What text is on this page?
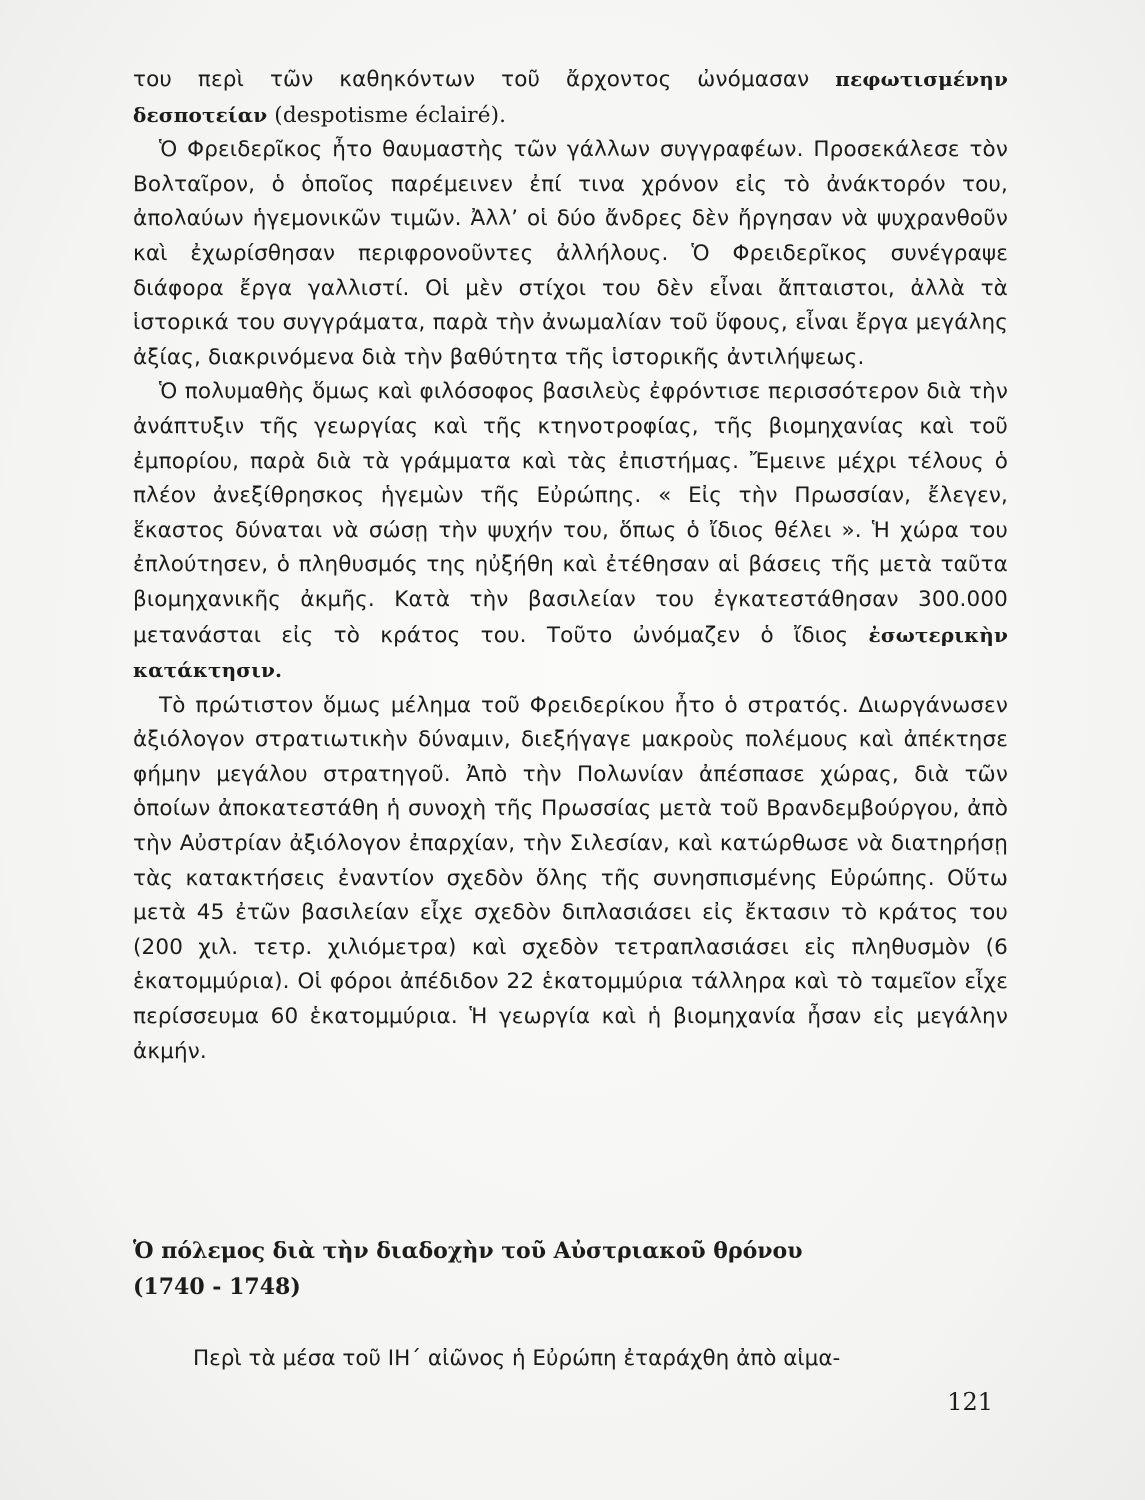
του περὶ τῶν καθηκόντων τοῦ ἄρχοντος ὠνόμασαν πεφωτισμένην δεσποτείαν (despotisme éclairé).

Ὁ Φρειδερῖκος ἦτο θαυμαστὴς τῶν γάλλων συγγραφέων. Προσεκάλεσε τὸν Βολταῖρον, ὁ ὁποῖος παρέμεινεν ἐπί τινα χρόνον εἰς τὸ ἀνάκτορόν του, ἀπολαύων ἡγεμονικῶν τιμῶν. Ἀλλ’ οἱ δύο ἄνδρες δὲν ἤργησαν νὰ ψυχρανθοῦν καὶ ἐχωρίσθησαν περιφρονοῦντες ἀλλήλους. Ὁ Φρειδερῖκος συνέγραψε διάφορα ἔργα γαλλιστί. Οἱ μὲν στίχοι του δὲν εἶναι ἄπταιστοι, ἀλλὰ τὰ ἱστορικά του συγγράματα, παρὰ τὴν ἀνωμαλίαν τοῦ ὕφους, εἶναι ἔργα μεγάλης ἀξίας, διακρινόμενα διὰ τὴν βαθύτητα τῆς ἱστορικῆς ἀντιλήψεως.

Ὁ πολυμαθὴς ὅμως καὶ φιλόσοφος βασιλεὺς ἐφρόντισε περισσότερον διὰ τὴν ἀνάπτυξιν τῆς γεωργίας καὶ τῆς κτηνοτροφίας, τῆς βιομηχανίας καὶ τοῦ ἐμπορίου, παρὰ διὰ τὰ γράμματα καὶ τὰς ἐπιστήμας. Ἔμεινε μέχρι τέλους ὁ πλέον ἀνεξίθρησκος ἡγεμὼν τῆς Εὐρώπης. « Εἰς τὴν Πρωσσίαν, ἔλεγεν, ἕκαστος δύναται νὰ σώσῃ τὴν ψυχήν του, ὅπως ὁ ἴδιος θέλει ». Ἡ χώρα του ἐπλούτησεν, ὁ πληθυσμός της ηὐξήθη καὶ ἐτέθησαν αἱ βάσεις τῆς μετὰ ταῦτα βιομηχανικῆς ἀκμῆς. Κατὰ τὴν βασιλείαν του ἐγκατεστάθησαν 300.000 μετανάσται εἰς τὸ κράτος του. Τοῦτο ὠνόμαζεν ὁ ἴδιος ἐσωτερικὴν κατάκτησιν.

Τὸ πρώτιστον ὅμως μέλημα τοῦ Φρειδερίκου ἦτο ὁ στρατός. Διωργάνωσεν ἀξιόλογον στρατιωτικὴν δύναμιν, διεξήγαγε μακροὺς πολέμους καὶ ἀπέκτησε φήμην μεγάλου στρατηγοῦ. Ἀπὸ τὴν Πολωνίαν ἀπέσπασε χώρας, διὰ τῶν ὁποίων ἀποκατεστάθη ἡ συνοχὴ τῆς Πρωσσίας μετὰ τοῦ Βρανδεμβούργου, ἀπὸ τὴν Αὐστρίαν ἀξιόλογον ἐπαρχίαν, τὴν Σιλεσίαν, καὶ κατώρθωσε νὰ διατηρήσῃ τὰς κατακτήσεις ἐναντίον σχεδὸν ὅλης τῆς συνησπισμένης Εὐρώπης. Οὕτω μετὰ 45 ἐτῶν βασιλείαν εἶχε σχεδὸν διπλασιάσει εἰς ἔκτασιν τὸ κράτος του (200 χιλ. τετρ. χιλιόμετρα) καὶ σχεδὸν τετραπλασιάσει εἰς πληθυσμὸν (6 ἑκατομμύρια). Οἱ φόροι ἀπέδιδον 22 ἑκατομμύρια τάλληρα καὶ τὸ ταμεῖον εἶχε περίσσευμα 60 ἑκατομμύρια. Ἡ γεωργία καὶ ἡ βιομηχανία ἦσαν εἰς μεγάλην ἀκμήν.

Ὁ πόλεμος διὰ τὴν διαδοχὴν τοῦ Αὐστριακοῦ θρόνου
(1740 - 1748)

Περὶ τὰ μέσα τοῦ ΙΗ΄ αἰῶνος ἡ Εὐρώπη ἐταράχθη ἀπὸ αἱμα-

121
